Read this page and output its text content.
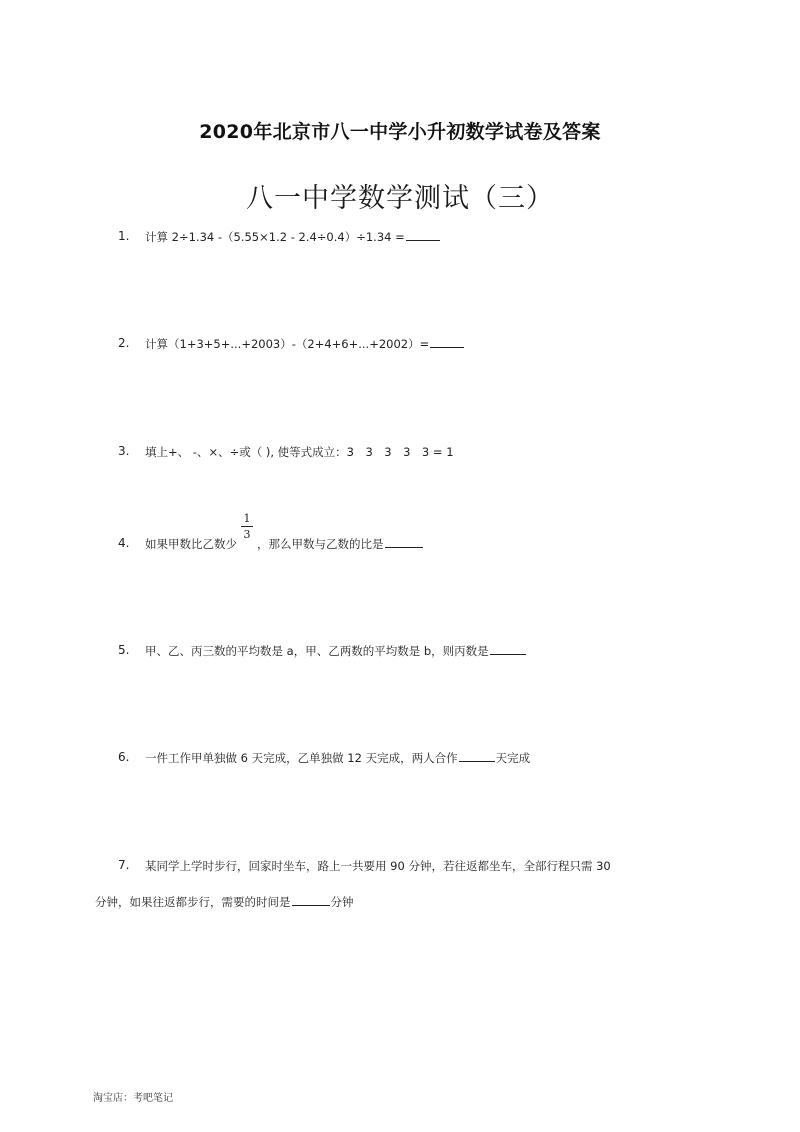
2020年北京市八一中学小升初数学试卷及答案
八一中学数学测试（三）
1. 计算 2÷1.34 -（5.55×1.2 - 2.4÷0.4）÷1.34 =
2. 计算（1+3+5+...+2003）-（2+4+6+...+2002）=
3. 填上+、 -、×、÷或（ ), 使等式成立：3　3　3　3　3 = 1
4. 如果甲数比乙数少
1
3
，那么甲数与乙数的比是
5. 甲、乙、丙三数的平均数是 a，甲、乙两数的平均数是 b，则丙数是
6. 一件工作甲单独做 6 天完成，乙单独做 12 天完成，两人合作	天完成
7. 某同学上学时步行，回家时坐车，路上一共要用 90 分钟，若往返都坐车，全部行程只需 30
分钟，如果往返都步行，需要的时间是	分钟
淘宝店：考吧笔记
